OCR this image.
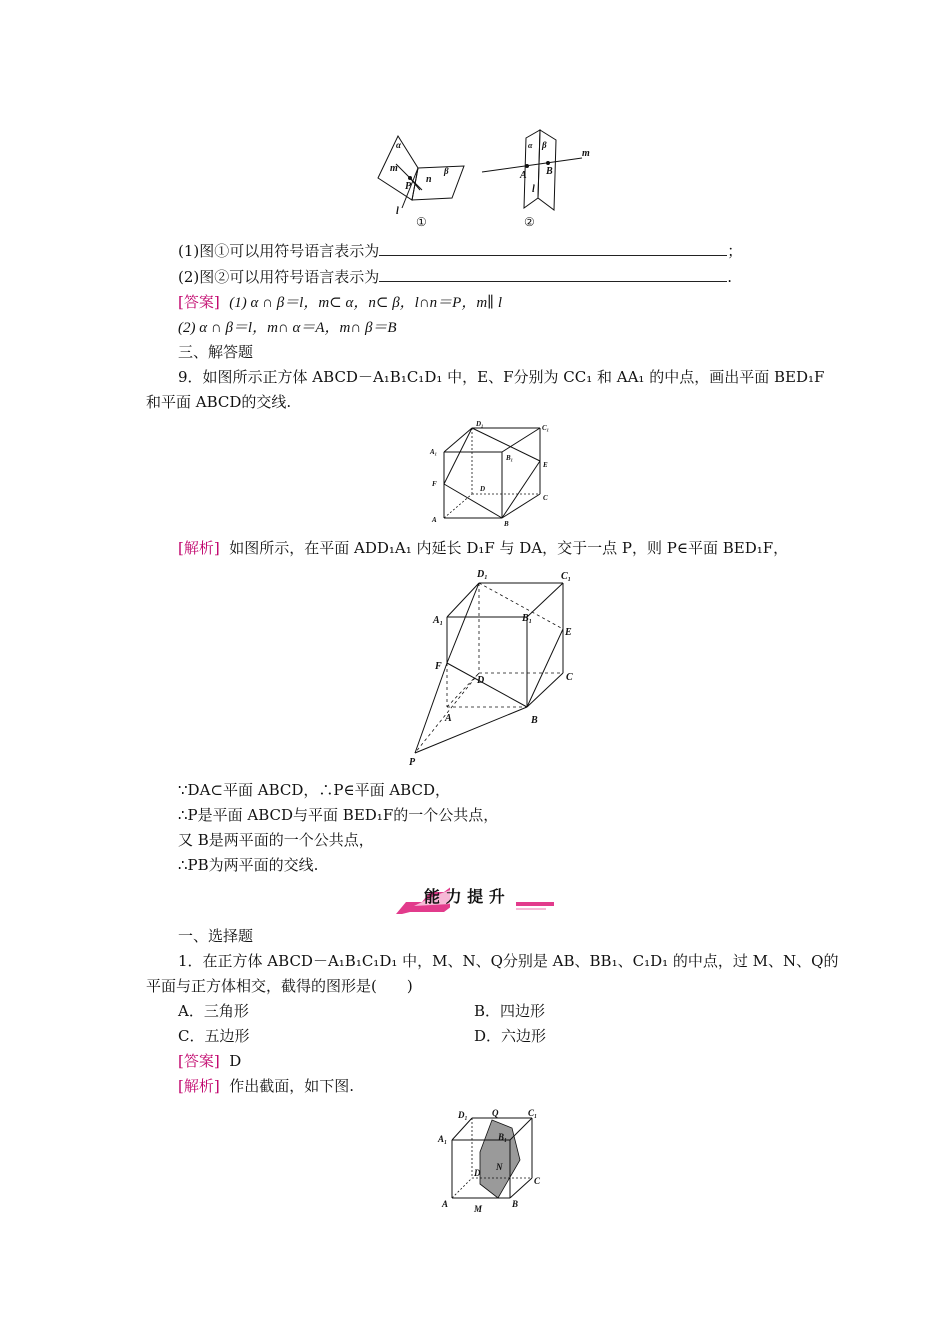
α
m
n
β
P
l
①
α β
m
A B
l
②
(1)图①可以用符号语言表示为	；
(2)图②可以用符号语言表示为	.
[答案] (1) α ∩ β＝l，m⊂ α，n⊂ β，l∩n＝P，m∥ l
(2) α ∩ β＝l，m∩ α＝A，m∩ β＝B
三、解答题
9．如图所示正方体 ABCD－A₁B₁C₁D₁ 中，E、F分别为 CC₁ 和 AA₁ 的中点，画出平面 BED₁F
和平面 ABCD的交线.
D₁	C₁
A₁
B₁
E
F
D
C
A	B
[解析] 如图所示，在平面 ADD₁A₁ 内延长 D₁F 与 DA，交于一点 P，则 P∈平面 BED₁F，
D₁	C₁
A₁	B₁
E
F
D	C
A	B
P
∵DA⊂平面 ABCD，∴P∈平面 ABCD，
∴P是平面 ABCD与平面 BED₁F的一个公共点，
又 B是两平面的一个公共点，
∴PB为两平面的交线.
能 力 提 升
一、选择题
1．在正方体 ABCD－A₁B₁C₁D₁ 中，M、N、Q分别是 AB、BB₁、C₁D₁ 的中点，过 M、N、Q的
平面与正方体相交，截得的图形是(　　)
A．三角形	B．四边形
C．五边形	D．六边形
[答案] D
[解析] 作出截面，如下图.
D₁	Q	C₁
A₁	B₁
N
D
C
A	M	B
